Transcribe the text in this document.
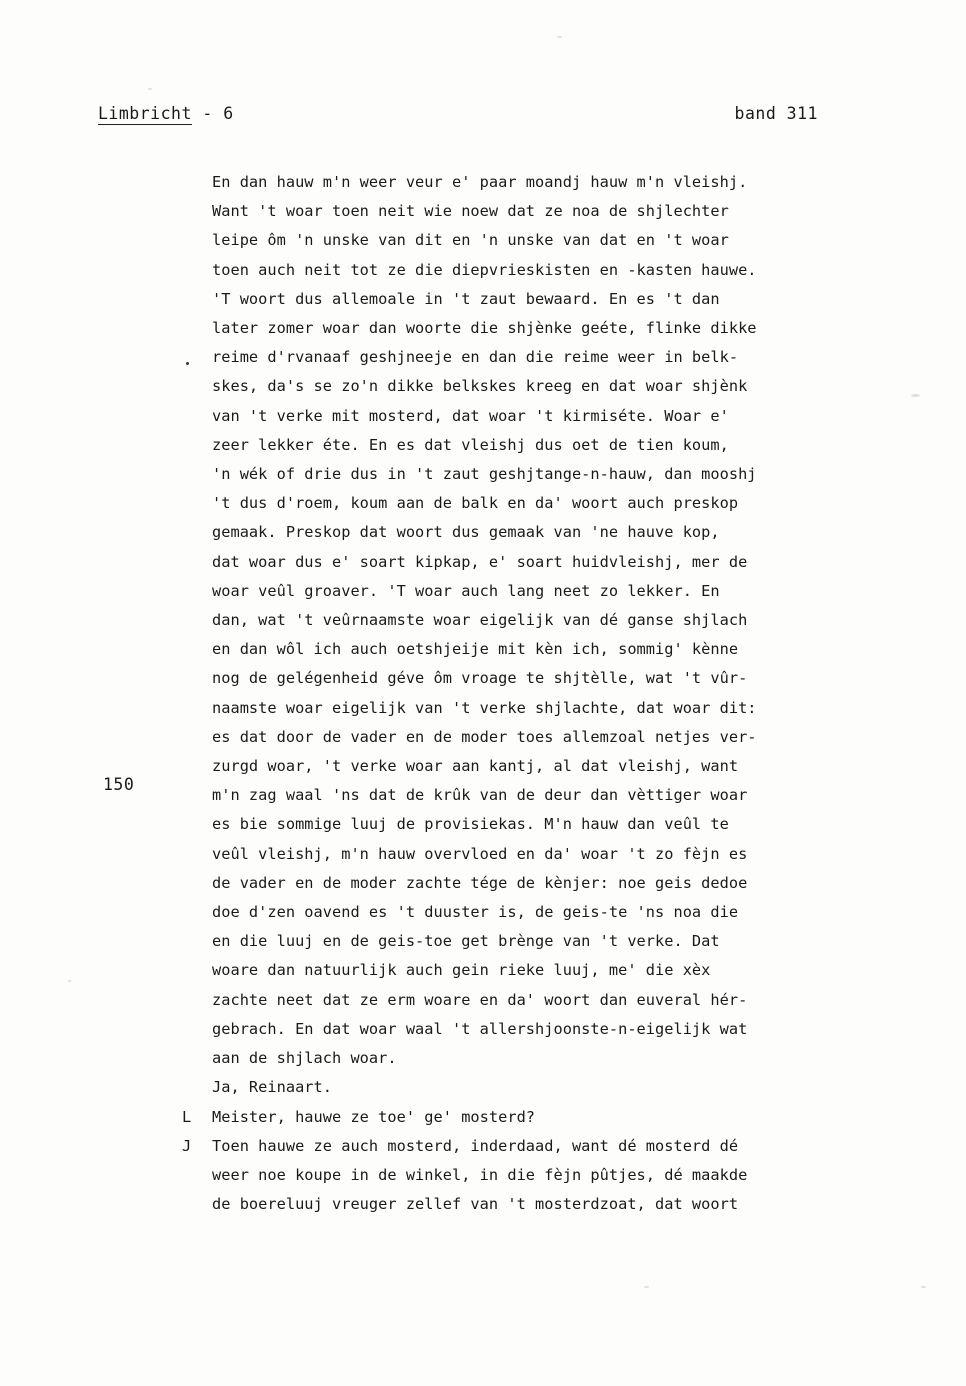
Limbricht - 6	band 311
150
En dan hauw m'n weer veur e' paar moandj hauw m'n vleishj.
Want 't woar toen neit wie noew dat ze noa de shjlechter
leipe ôm 'n unske van dit en 'n unske van dat en 't woar
toen auch neit tot ze die diepvrieskisten en -kasten hauwe.
'T woort dus allemoale in 't zaut bewaard. En es 't dan
later zomer woar dan woorte die shjènke geéte, flinke dikke
reime d'rvanaaf geshjneeje en dan die reime weer in belk-
skes, da's se zo'n dikke belkskes kreeg en dat woar shjènk
van 't verke mit mosterd, dat woar 't kirmiséte. Woar e'
zeer lekker éte. En es dat vleishj dus oet de tien koum,
'n wék of drie dus in 't zaut geshjtange-n-hauw, dan mooshj
't dus d'roem, koum aan de balk en da' woort auch preskop
gemaak. Preskop dat woort dus gemaak van 'ne hauve kop,
dat woar dus e' soart kipkap, e' soart huidvleishj, mer de
woar veûl groaver. 'T woar auch lang neet zo lekker. En
dan, wat 't veûrnaamste woar eigelijk van dé ganse shjlach
en dan wôl ich auch oetshjeije mit kèn ich, sommig' kènne
nog de gelégenheid géve ôm vroage te shjtèlle, wat 't vûr-
naamste woar eigelijk van 't verke shjlachte, dat woar dit:
es dat door de vader en de moder toes allemzoal netjes ver-
zurgd woar, 't verke woar aan kantj, al dat vleishj, want
m'n zag waal 'ns dat de krûk van de deur dan vèttiger woar
es bie sommige luuj de provisiekas. M'n hauw dan veûl te
veûl vleishj, m'n hauw overvloed en da' woar 't zo fèjn es
de vader en de moder zachte tége de kènjer: noe geis dedoe
doe d'zen oavend es 't duuster is, de geis-te 'ns noa die
en die luuj en de geis-toe get brènge van 't verke. Dat
woare dan natuurlijk auch gein rieke luuj, me' die xèx
zachte neet dat ze erm woare en da' woort dan euveral hér-
gebrach. En dat woar waal 't allershjoonste-n-eigelijk wat
aan de shjlach woar.
Ja, Reinaart.
L	Meister, hauwe ze toe' ge' mosterd?
J	Toen hauwe ze auch mosterd, inderdaad, want dé mosterd dé
weer noe koupe in de winkel, in die fèjn pûtjes, dé maakde
de boereluuj vreuger zellef van 't mosterdzoat, dat woort
